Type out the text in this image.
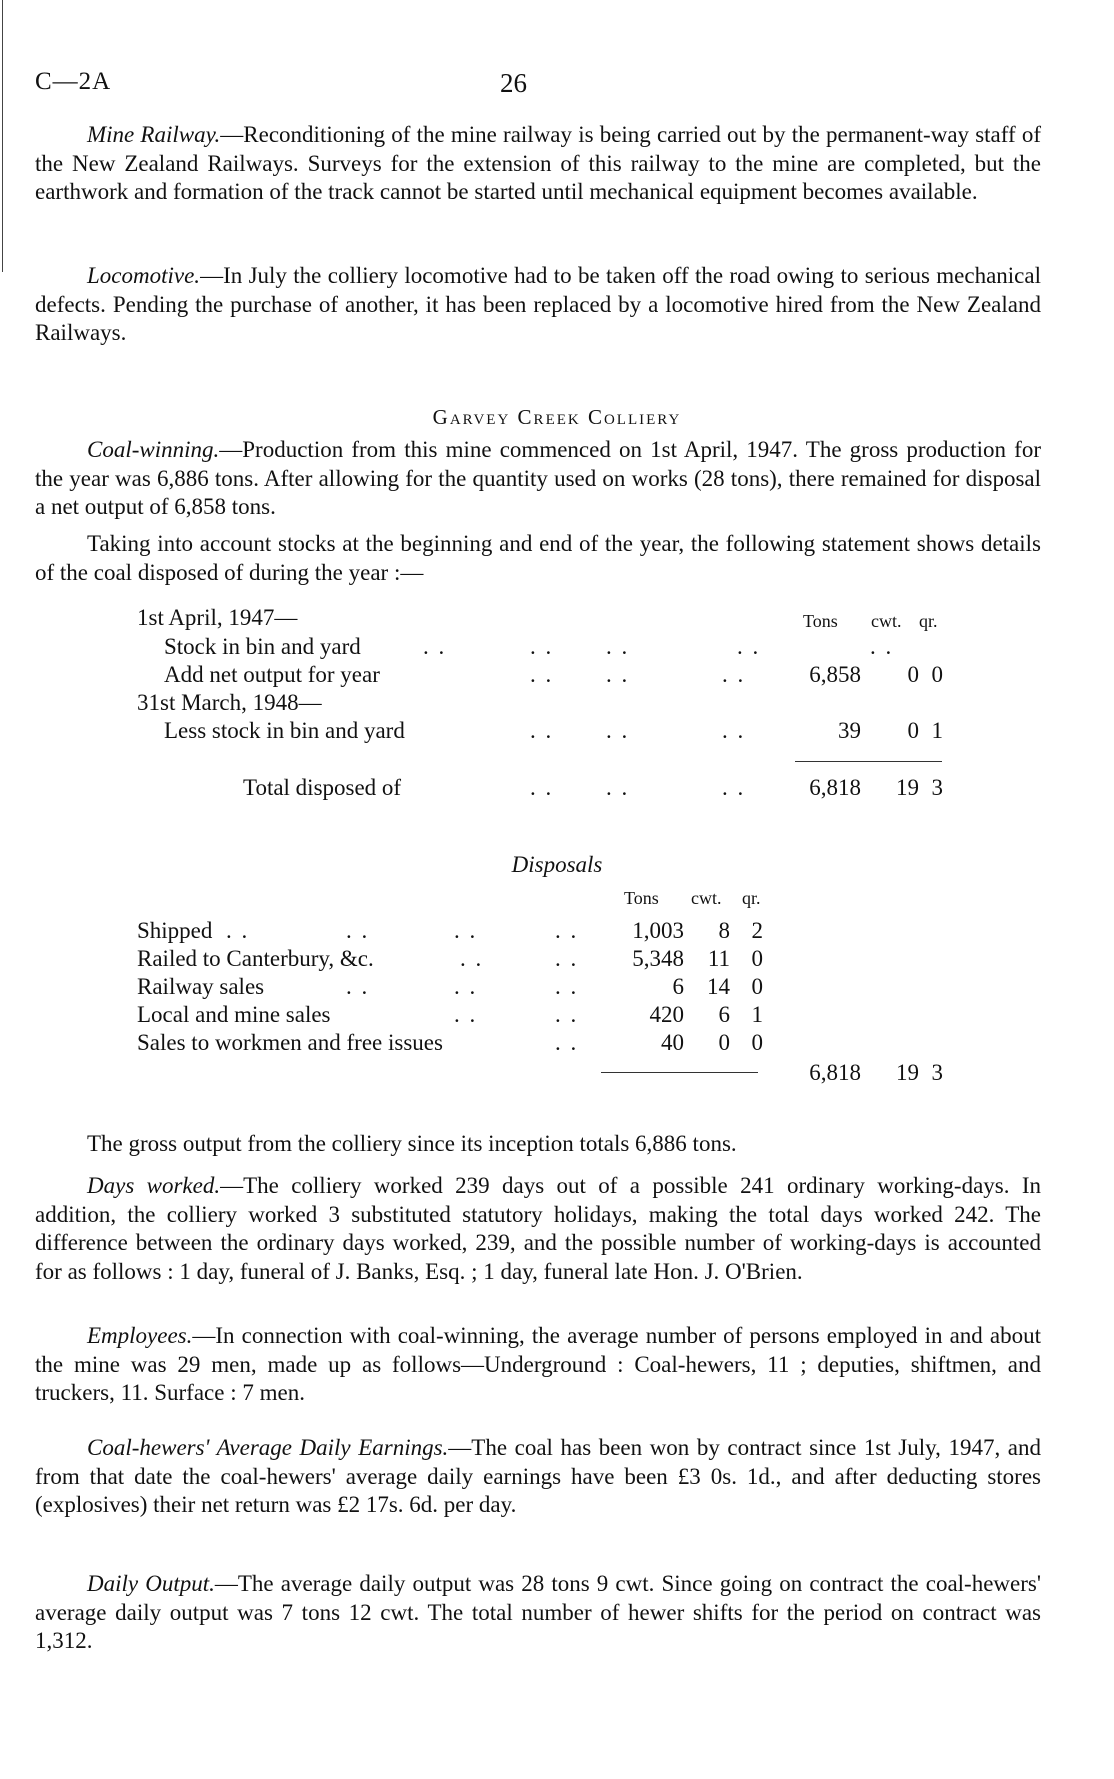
C—2A	26

Mine Railway.—Reconditioning of the mine railway is being carried out by the permanent-way staff of the New Zealand Railways. Surveys for the extension of this railway to the mine are completed, but the earthwork and formation of the track cannot be started until mechanical equipment becomes available.

Locomotive.—In July the colliery locomotive had to be taken off the road owing to serious mechanical defects. Pending the purchase of another, it has been replaced by a locomotive hired from the New Zealand Railways.

Garvey Creek Colliery

Coal-winning.—Production from this mine commenced on 1st April, 1947. The gross production for the year was 6,886 tons. After allowing for the quantity used on works (28 tons), there remained for disposal a net output of 6,858 tons.

Taking into account stocks at the beginning and end of the year, the following statement shows details of the coal disposed of during the year :—

Tons cwt. qr.
1st April, 1947—
Stock in bin and yard	. .	. . . .	. .	. .
Add net output for year	. . . .	. .	6,858 0 0
31st March, 1948—
Less stock in bin and yard	. . . .	. .	39 0 1
Total disposed of	. . . .	. .	6,818 19 3
Disposals
Tons cwt. qr.
Shipped . .	. .	. .	. . 1,003 8 2
Railed to Canterbury, &c.	. .	. . 5,348 11 0
Railway sales	. .	. .	. .	6 14 0
Local and mine sales	. .	. .	420 6 1
Sales to workmen and free issues	. .	40 0 0
6,818 19 3

The gross output from the colliery since its inception totals 6,886 tons.

Days worked.—The colliery worked 239 days out of a possible 241 ordinary working-days. In addition, the colliery worked 3 substituted statutory holidays, making the total days worked 242. The difference between the ordinary days worked, 239, and the possible number of working-days is accounted for as follows : 1 day, funeral of J. Banks, Esq. ; 1 day, funeral late Hon. J. O'Brien.

Employees.—In connection with coal-winning, the average number of persons employed in and about the mine was 29 men, made up as follows—Underground : Coal-hewers, 11 ; deputies, shiftmen, and truckers, 11. Surface : 7 men.

Coal-hewers' Average Daily Earnings.—The coal has been won by contract since 1st July, 1947, and from that date the coal-hewers' average daily earnings have been £3 0s. 1d., and after deducting stores (explosives) their net return was £2 17s. 6d. per day.

Daily Output.—The average daily output was 28 tons 9 cwt. Since going on contract the coal-hewers' average daily output was 7 tons 12 cwt. The total number of hewer shifts for the period on contract was 1,312.
